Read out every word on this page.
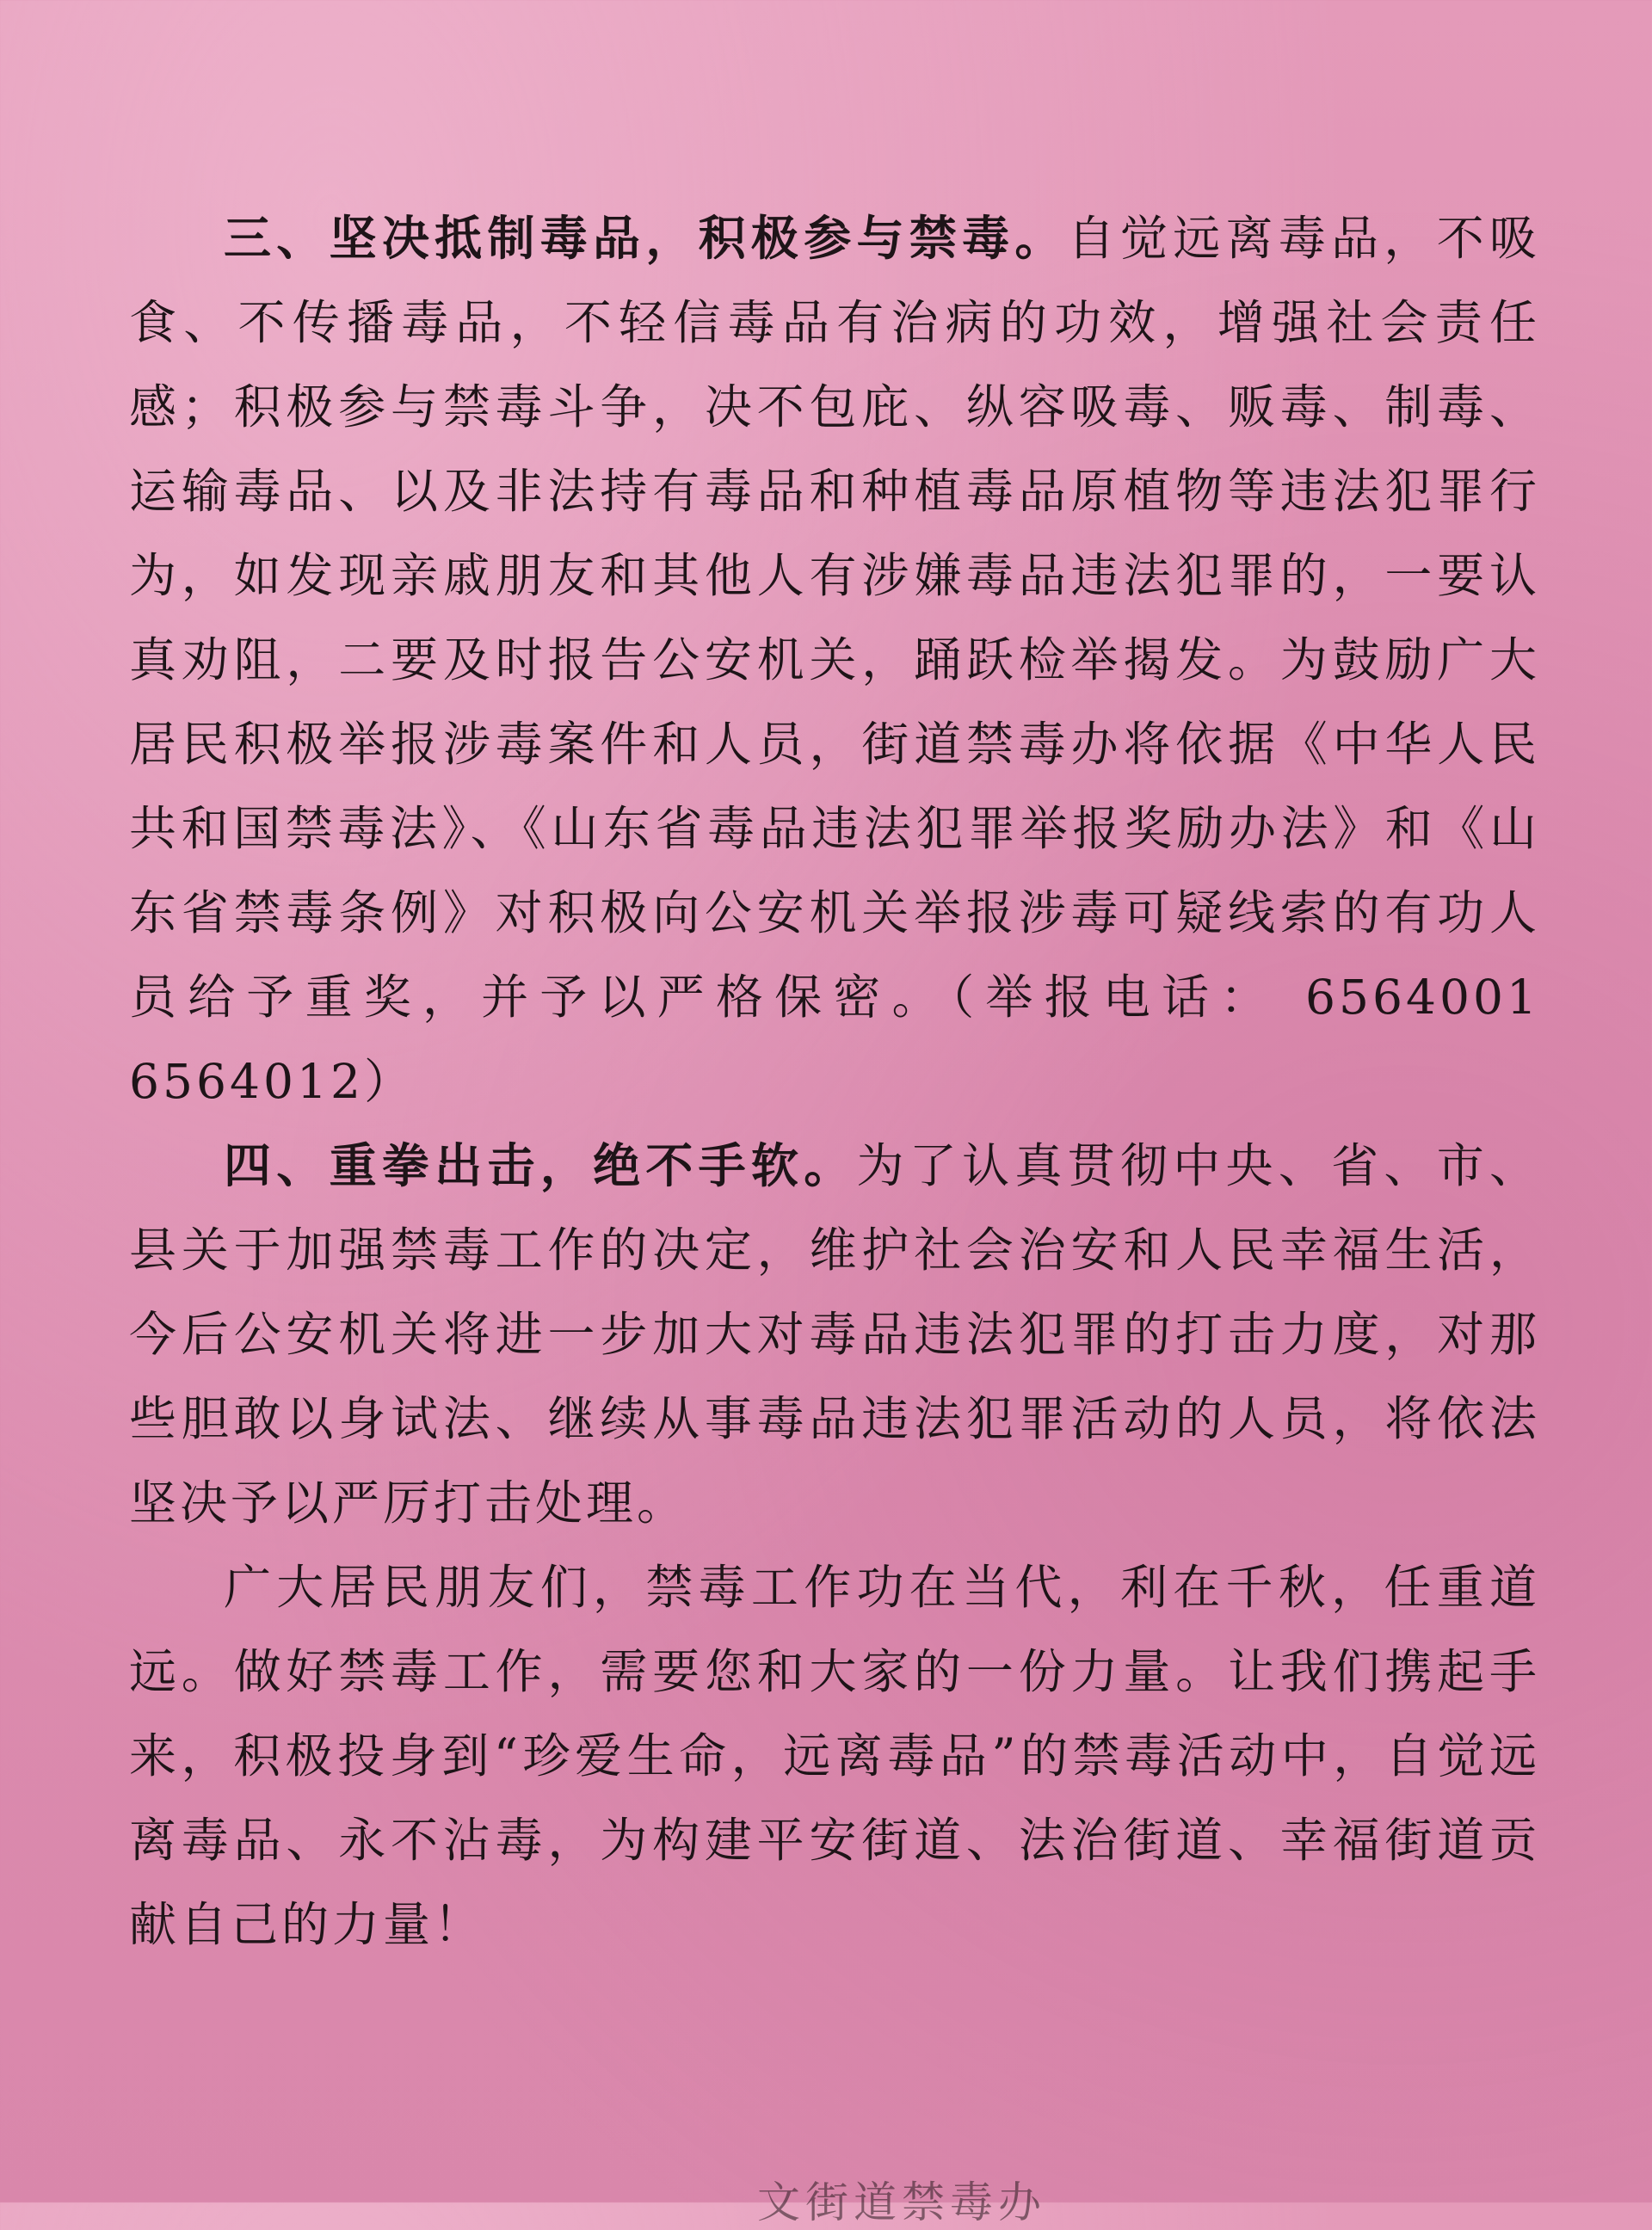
三、坚决抵制毒品，积极参与禁毒。自觉远离毒品，不吸食、不传播毒品，不轻信毒品有治病的功效，增强社会责任感；积极参与禁毒斗争，决不包庇、纵容吸毒、贩毒、制毒、运输毒品、以及非法持有毒品和种植毒品原植物等违法犯罪行为，如发现亲戚朋友和其他人有涉嫌毒品违法犯罪的，一要认真劝阻，二要及时报告公安机关，踊跃检举揭发。为鼓励广大居民积极举报涉毒案件和人员，街道禁毒办将依据《中华人民共和国禁毒法》、《山东省毒品违法犯罪举报奖励办法》和《山东省禁毒条例》对积极向公安机关举报涉毒可疑线索的有功人员给予重奖，并予以严格保密。（举报电话： 6564001 6564012）

四、重拳出击，绝不手软。为了认真贯彻中央、省、市、县关于加强禁毒工作的决定，维护社会治安和人民幸福生活，今后公安机关将进一步加大对毒品违法犯罪的打击力度，对那些胆敢以身试法、继续从事毒品违法犯罪活动的人员，将依法坚决予以严厉打击处理。

广大居民朋友们，禁毒工作功在当代，利在千秋，任重道远。做好禁毒工作，需要您和大家的一份力量。让我们携起手来，积极投身到“珍爱生命，远离毒品”的禁毒活动中，自觉远离毒品、永不沾毒，为构建平安街道、法治街道、幸福街道贡献自己的力量！

文街道禁毒办
